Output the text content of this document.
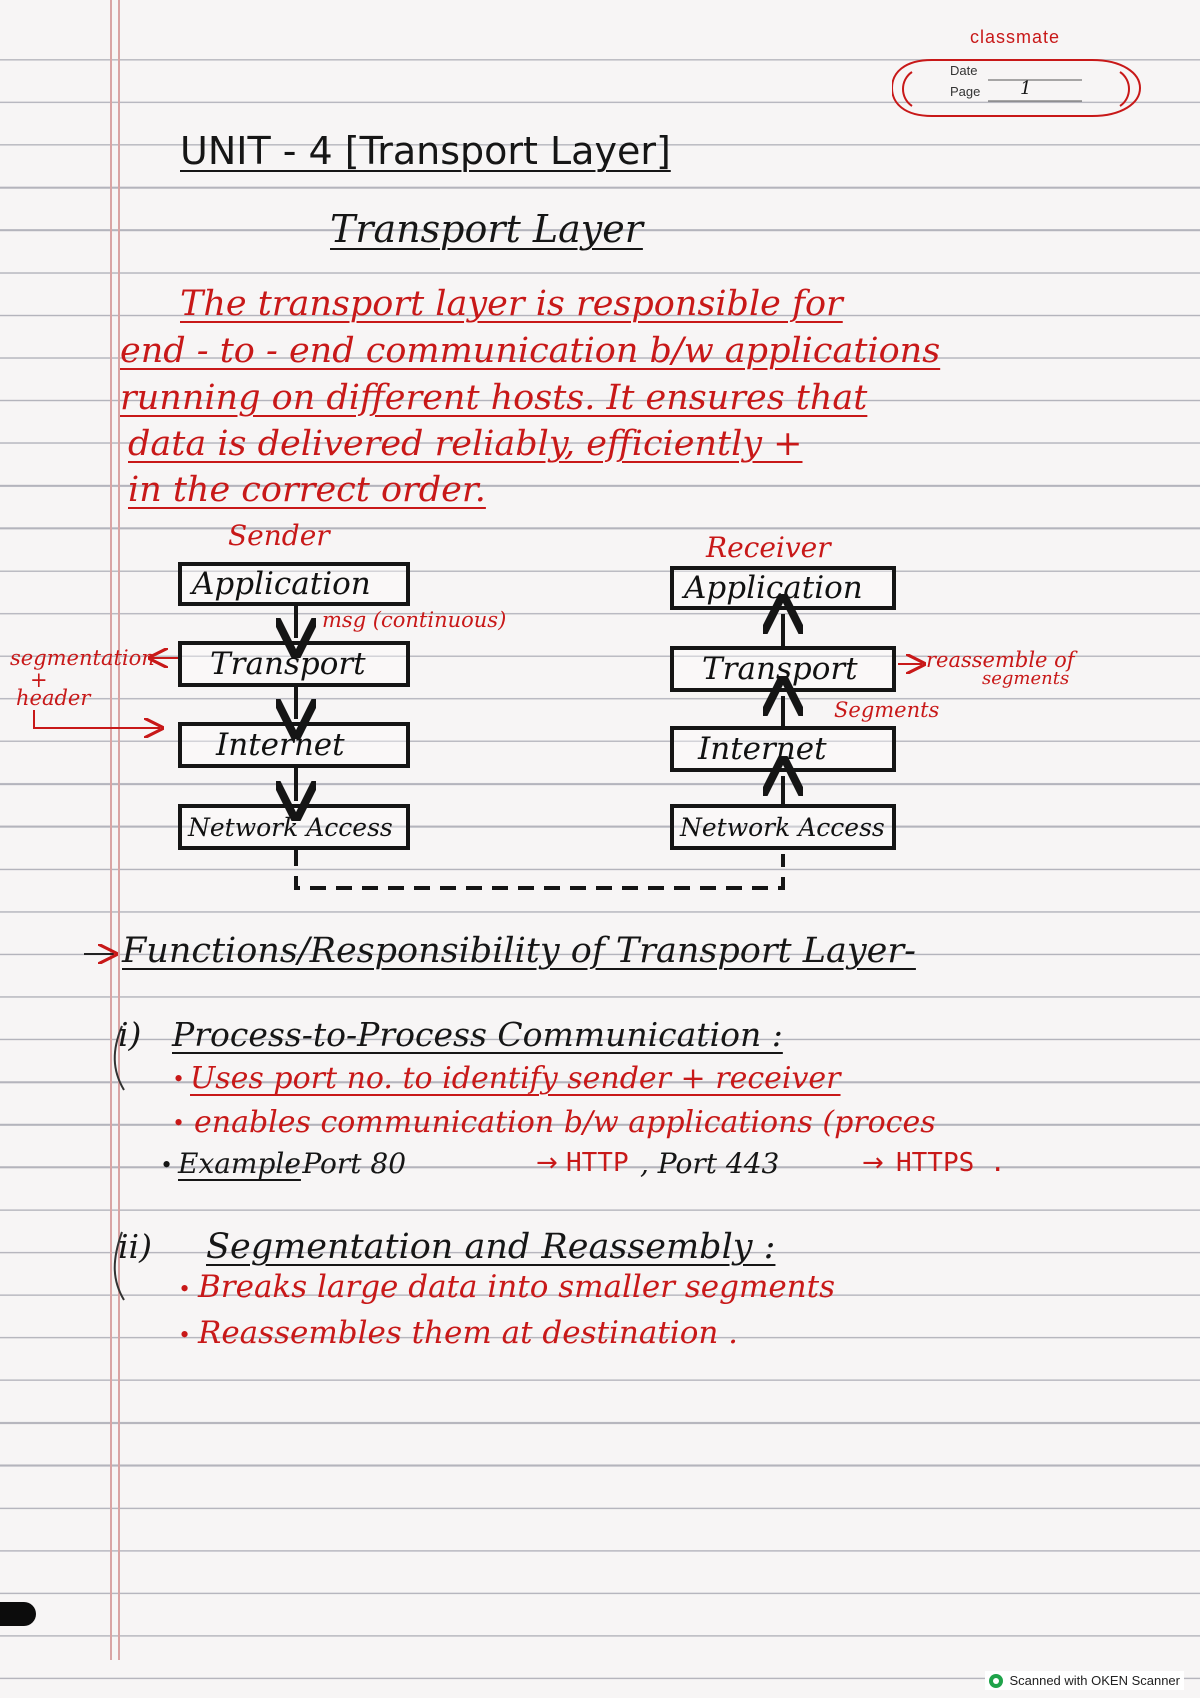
classmate
Date
Page 1
UNIT - 4 [Transport Layer]
Transport Layer
The transport layer is responsible for
end - to - end communication b/w applications
running on different hosts. It ensures that
data is delivered reliably, efficiently +
in the correct order.
Sender	Receiver
Application
Transport
Internet
Network Access
Application
Transport
Internet
Network Access
msg (continuous)
segmentation
+
header
reassemble of
segments
Segments
Functions/Responsibility of Transport Layer-
i) Process-to-Process Communication :
• Uses port no. to identify sender + receiver
• enables communication b/w applications (proces
• Example
: Port 80	→ HTTP , Port 443	→ HTTPS .
ii) Segmentation and Reassembly :
• Breaks large data into smaller segments
• Reassembles them at destination .
Scanned with OKEN Scanner
